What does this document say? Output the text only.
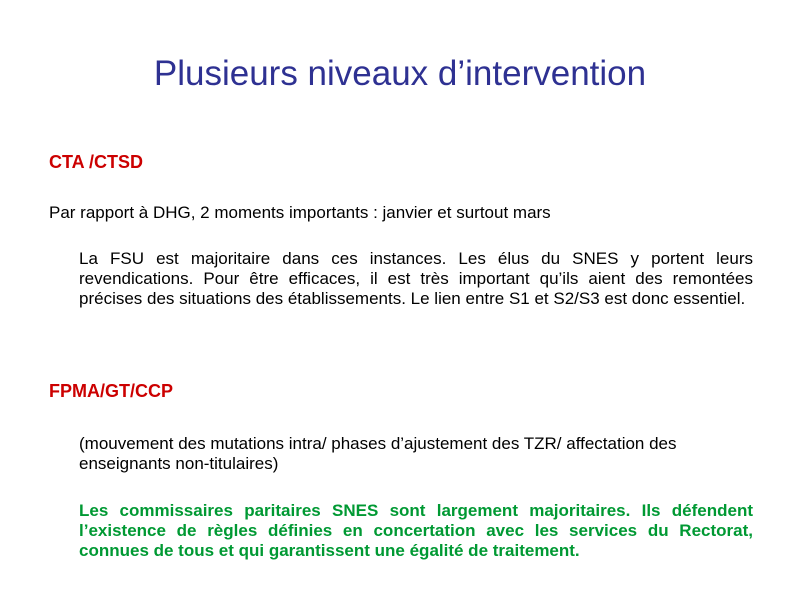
Plusieurs niveaux d’intervention
CTA /CTSD
Par rapport à DHG, 2 moments importants : janvier et surtout mars

La FSU est majoritaire dans ces instances. Les élus du SNES y portent leurs revendications. Pour être efficaces, il est très important qu’ils aient des remontées précises des situations des établissements. Le lien entre S1 et S2/S3 est donc essentiel.

FPMA/GT/CCP

(mouvement des mutations intra/ phases d’ajustement des TZR/ affectation des enseignants non-titulaires)

Les commissaires paritaires SNES sont largement majoritaires. Ils défendent l’existence de règles définies en concertation avec les services du Rectorat, connues de tous et qui garantissent une égalité de traitement.
